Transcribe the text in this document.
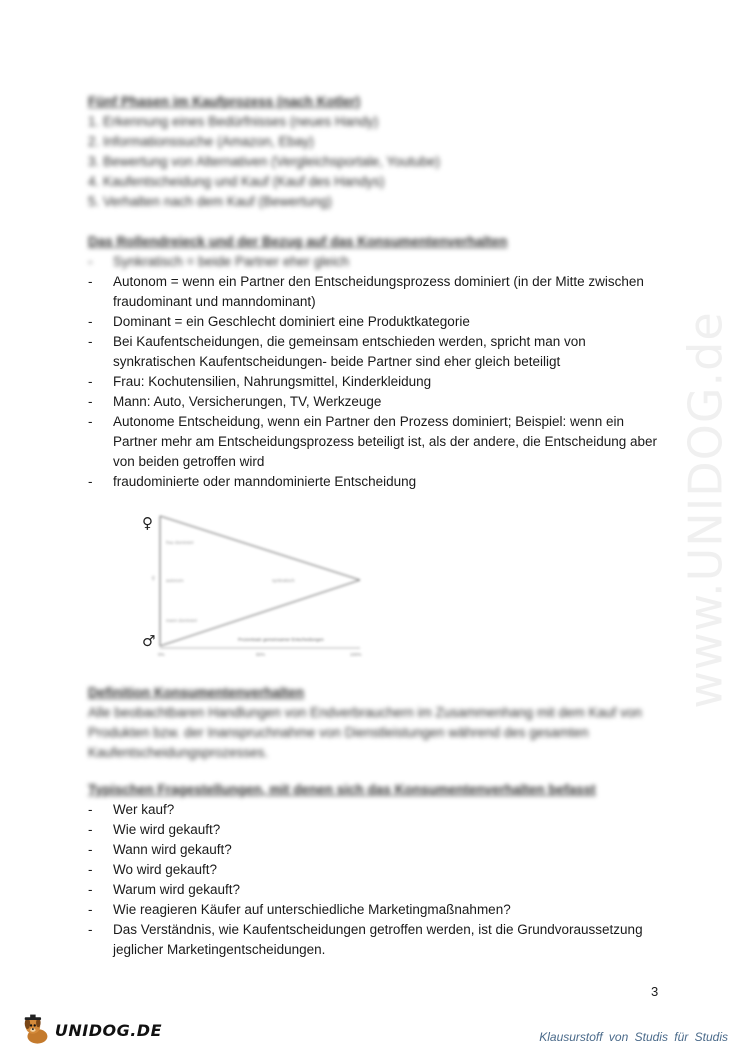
www.UNIDOG.de
Fünf Phasen im Kaufprozess (nach Kotler)
1. Erkennung eines Bedürfnisses (neues Handy)
2. Informationssuche (Amazon, Ebay)
3. Bewertung von Alternativen (Vergleichsportale, Youtube)
4. Kaufentscheidung und Kauf (Kauf des Handys)
5. Verhalten nach dem Kauf (Bewertung)
Das Rollendreieck und der Bezug auf das Konsumentenverhalten
- Synkratisch = beide Partner eher gleich
- Autonom = wenn ein Partner den Entscheidungsprozess dominiert (in der Mitte zwischen fraudominant und manndominant)
- Dominant = ein Geschlecht dominiert eine Produktkategorie
- Bei Kaufentscheidungen, die gemeinsam entschieden werden, spricht man von synkratischen Kaufentscheidungen- beide Partner sind eher gleich beteiligt
- Frau: Kochutensilien, Nahrungsmittel, Kinderkleidung
- Mann: Auto, Versicherungen, TV, Werkzeuge
- Autonome Entscheidung, wenn ein Partner den Prozess dominiert; Beispiel: wenn ein Partner mehr am Entscheidungsprozess beteiligt ist, als der andere, die Entscheidung aber von beiden getroffen wird
- fraudominierte oder manndominierte Entscheidung
♀
♀
frau dominiert
autonom	synkratisch
mann dominiert
Prozentsatz gemeinsamer Entscheidungen
0%	50%	100%
♂
Definition Konsumentenverhalten
Alle beobachtbaren Handlungen von Endverbrauchern im Zusammenhang mit dem Kauf von
Produkten bzw. der Inanspruchnahme von Dienstleistungen während des gesamten
Kaufentscheidungsprozesses.
Typischen Fragestellungen, mit denen sich das Konsumentenverhalten befasst
- Wer kauf?
- Wie wird gekauft?
- Wann wird gekauft?
- Wo wird gekauft?
- Warum wird gekauft?
- Wie reagieren Käufer auf unterschiedliche Marketingmaßnahmen?
- Das Verständnis, wie Kaufentscheidungen getroffen werden, ist die Grundvoraussetzung jeglicher Marketingentscheidungen.
3
UNIDOG.DE	Klausurstoff von Studis für Studis
